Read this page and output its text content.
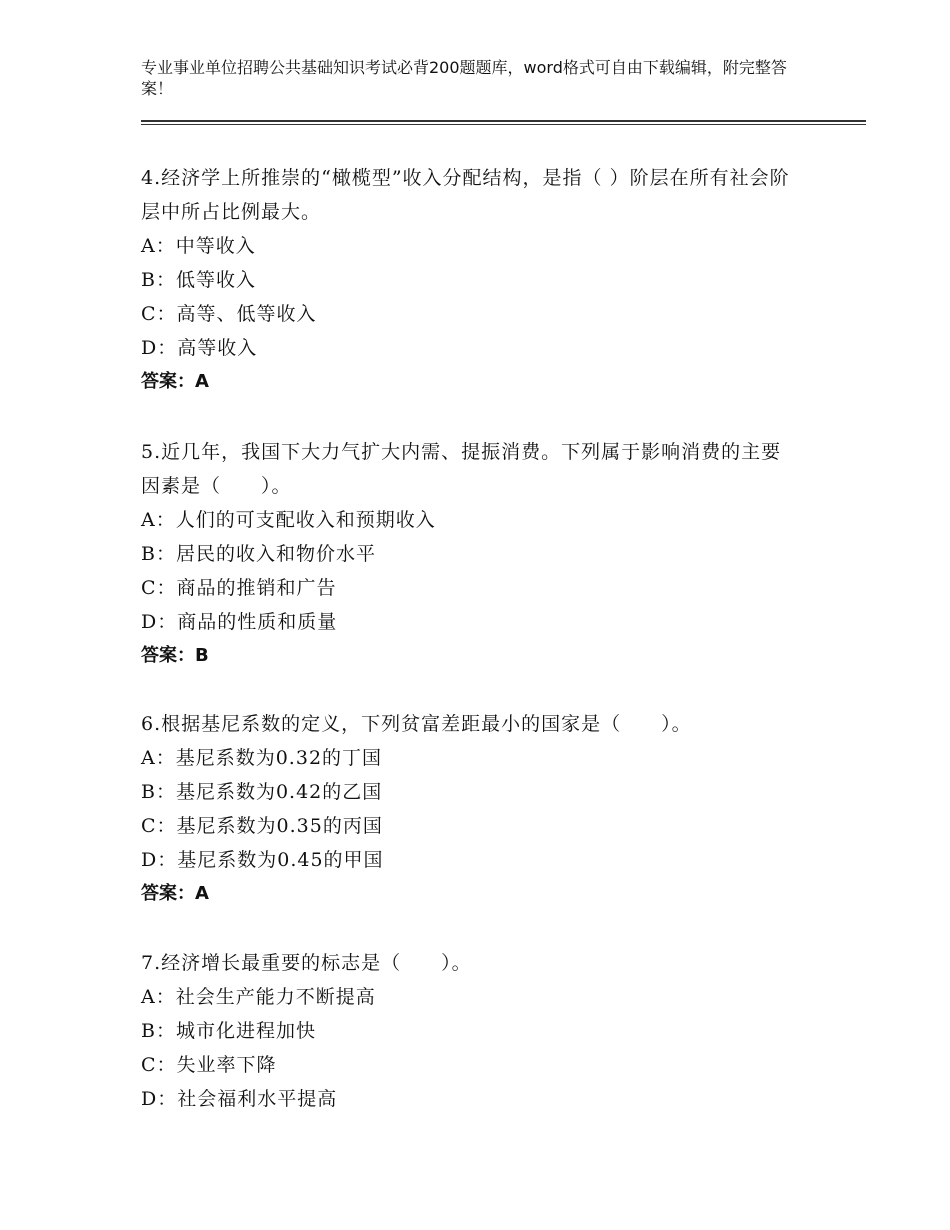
专业事业单位招聘公共基础知识考试必背200题题库，word格式可自由下载编辑，附完整答案！

4.经济学上所推崇的“橄榄型”收入分配结构，是指（ ）阶层在所有社会阶层中所占比例最大。

A：中等收入

B：低等收入

C：高等、低等收入

D：高等收入

答案：A

5.近几年，我国下大力气扩大内需、提振消费。下列属于影响消费的主要因素是（　　）。

A：人们的可支配收入和预期收入

B：居民的收入和物价水平

C：商品的推销和广告

D：商品的性质和质量

答案：B

6.根据基尼系数的定义，下列贫富差距最小的国家是（　　）。

A：基尼系数为0.32的丁国

B：基尼系数为0.42的乙国

C：基尼系数为0.35的丙国

D：基尼系数为0.45的甲国

答案：A

7.经济增长最重要的标志是（　　）。

A：社会生产能力不断提高

B：城市化进程加快

C：失业率下降

D：社会福利水平提高
